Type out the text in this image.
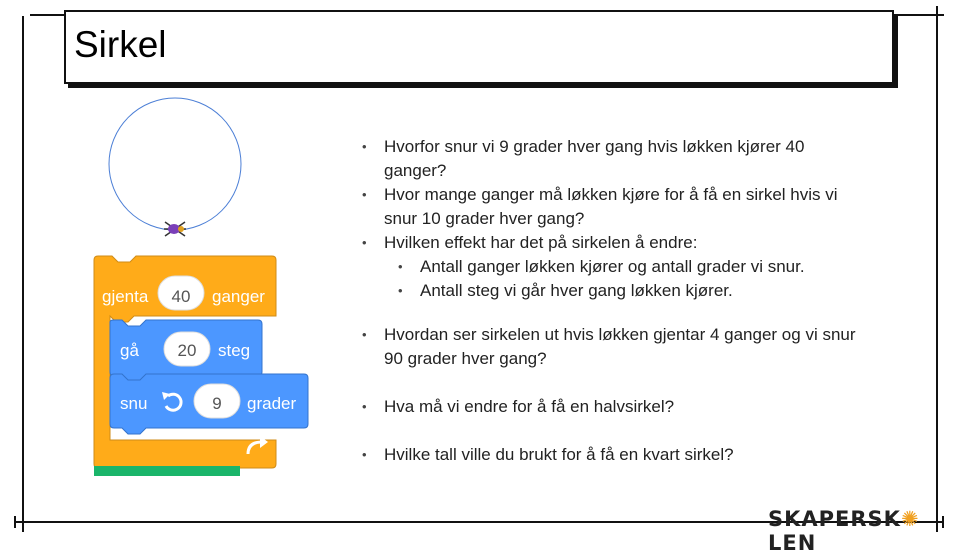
Sirkel
gjenta	40	ganger
gå	20	steg
snu	9	grader
• Hvorfor snur vi 9 grader hver gang hvis løkken kjører 40
ganger?
• Hvor mange ganger må løkken kjøre for å få en sirkel hvis vi
snur 10 grader hver gang?
• Hvilken effekt har det på sirkelen å endre:
• Antall ganger løkken kjører og antall grader vi snur.
• Antall steg vi går hver gang løkken kjører.
• Hvordan ser sirkelen ut hvis løkken gjentar 4 ganger og vi snur
90 grader hver gang?
• Hva må vi endre for å få en halvsirkel?
• Hvilke tall ville du brukt for å få en kvart sirkel?
SKAPERSK✺LEN
